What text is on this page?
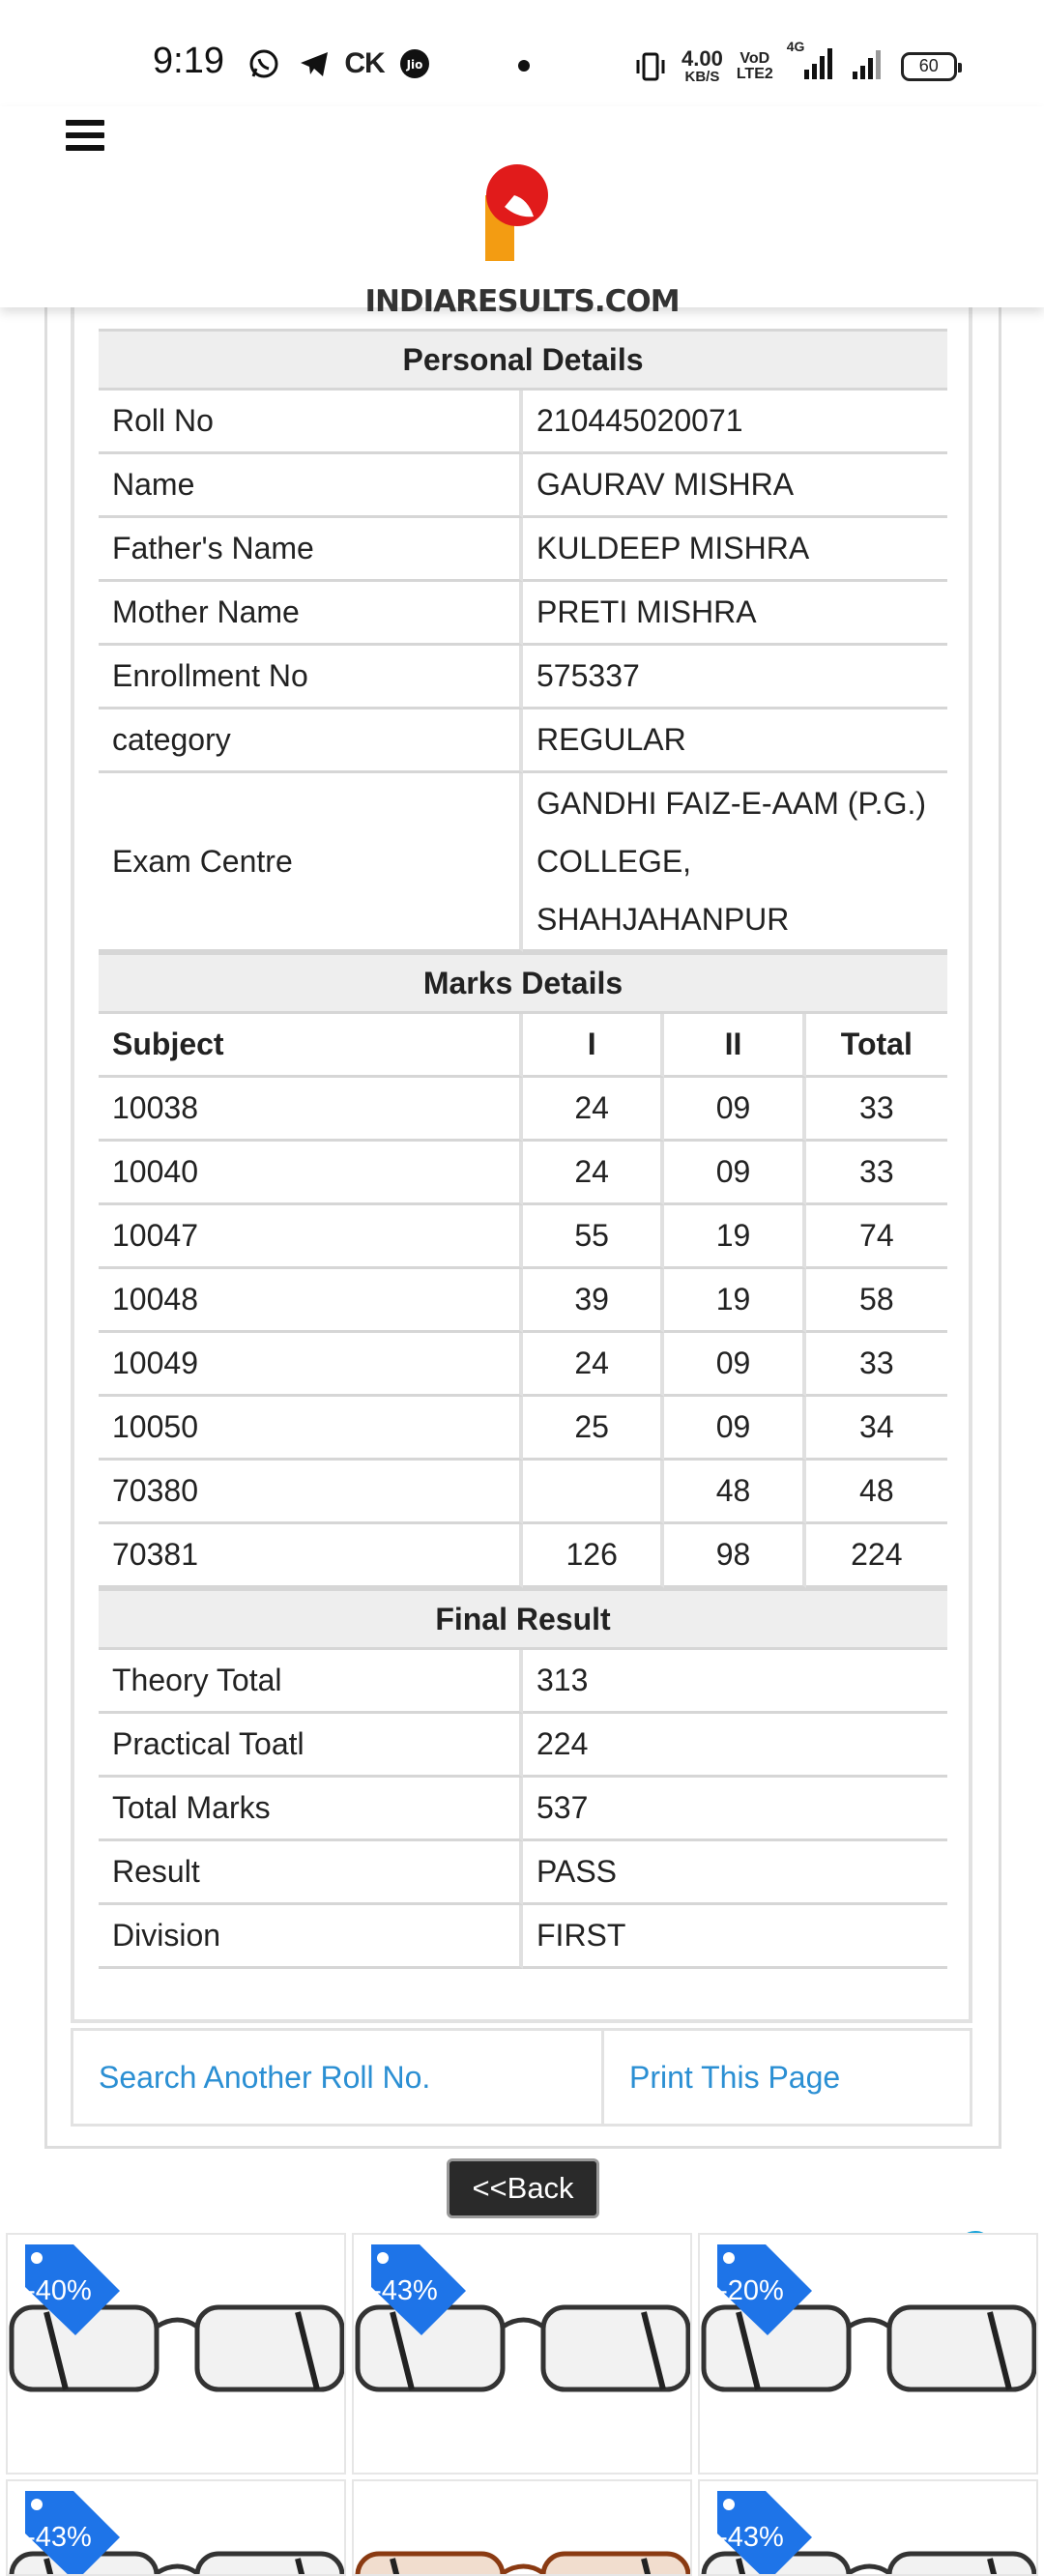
9:19	CK Jio	4.00
KB/S
VoD
LTE2
4G
60
INDIARESULTS.COM
Personal Details			
Roll No	210445020071		
Name	GAURAV MISHRA		
Father's Name	KULDEEP MISHRA		
Mother Name	PRETI MISHRA		
Enrollment No	575337		
category	REGULAR		
Exam Centre	GANDHI FAIZ-E-AAM (P.G.)
COLLEGE,
SHAHJAHANPUR		
Marks Details			
Subject	I	II	Total
10038	24	09	33
10040	24	09	33
10047	55	19	74
10048	39	19	58
10049	24	09	33
10050	25	09	34
70380		48	48
70381	126	98	224
Final Result			
Theory Total	313		
Practical Toatl	224		
Total Marks	537		
Result	PASS		
Division	FIRST		
Search Another Roll No.	Print This Page
<<Back
-40%	-43%	-20%
-43%	-43%
